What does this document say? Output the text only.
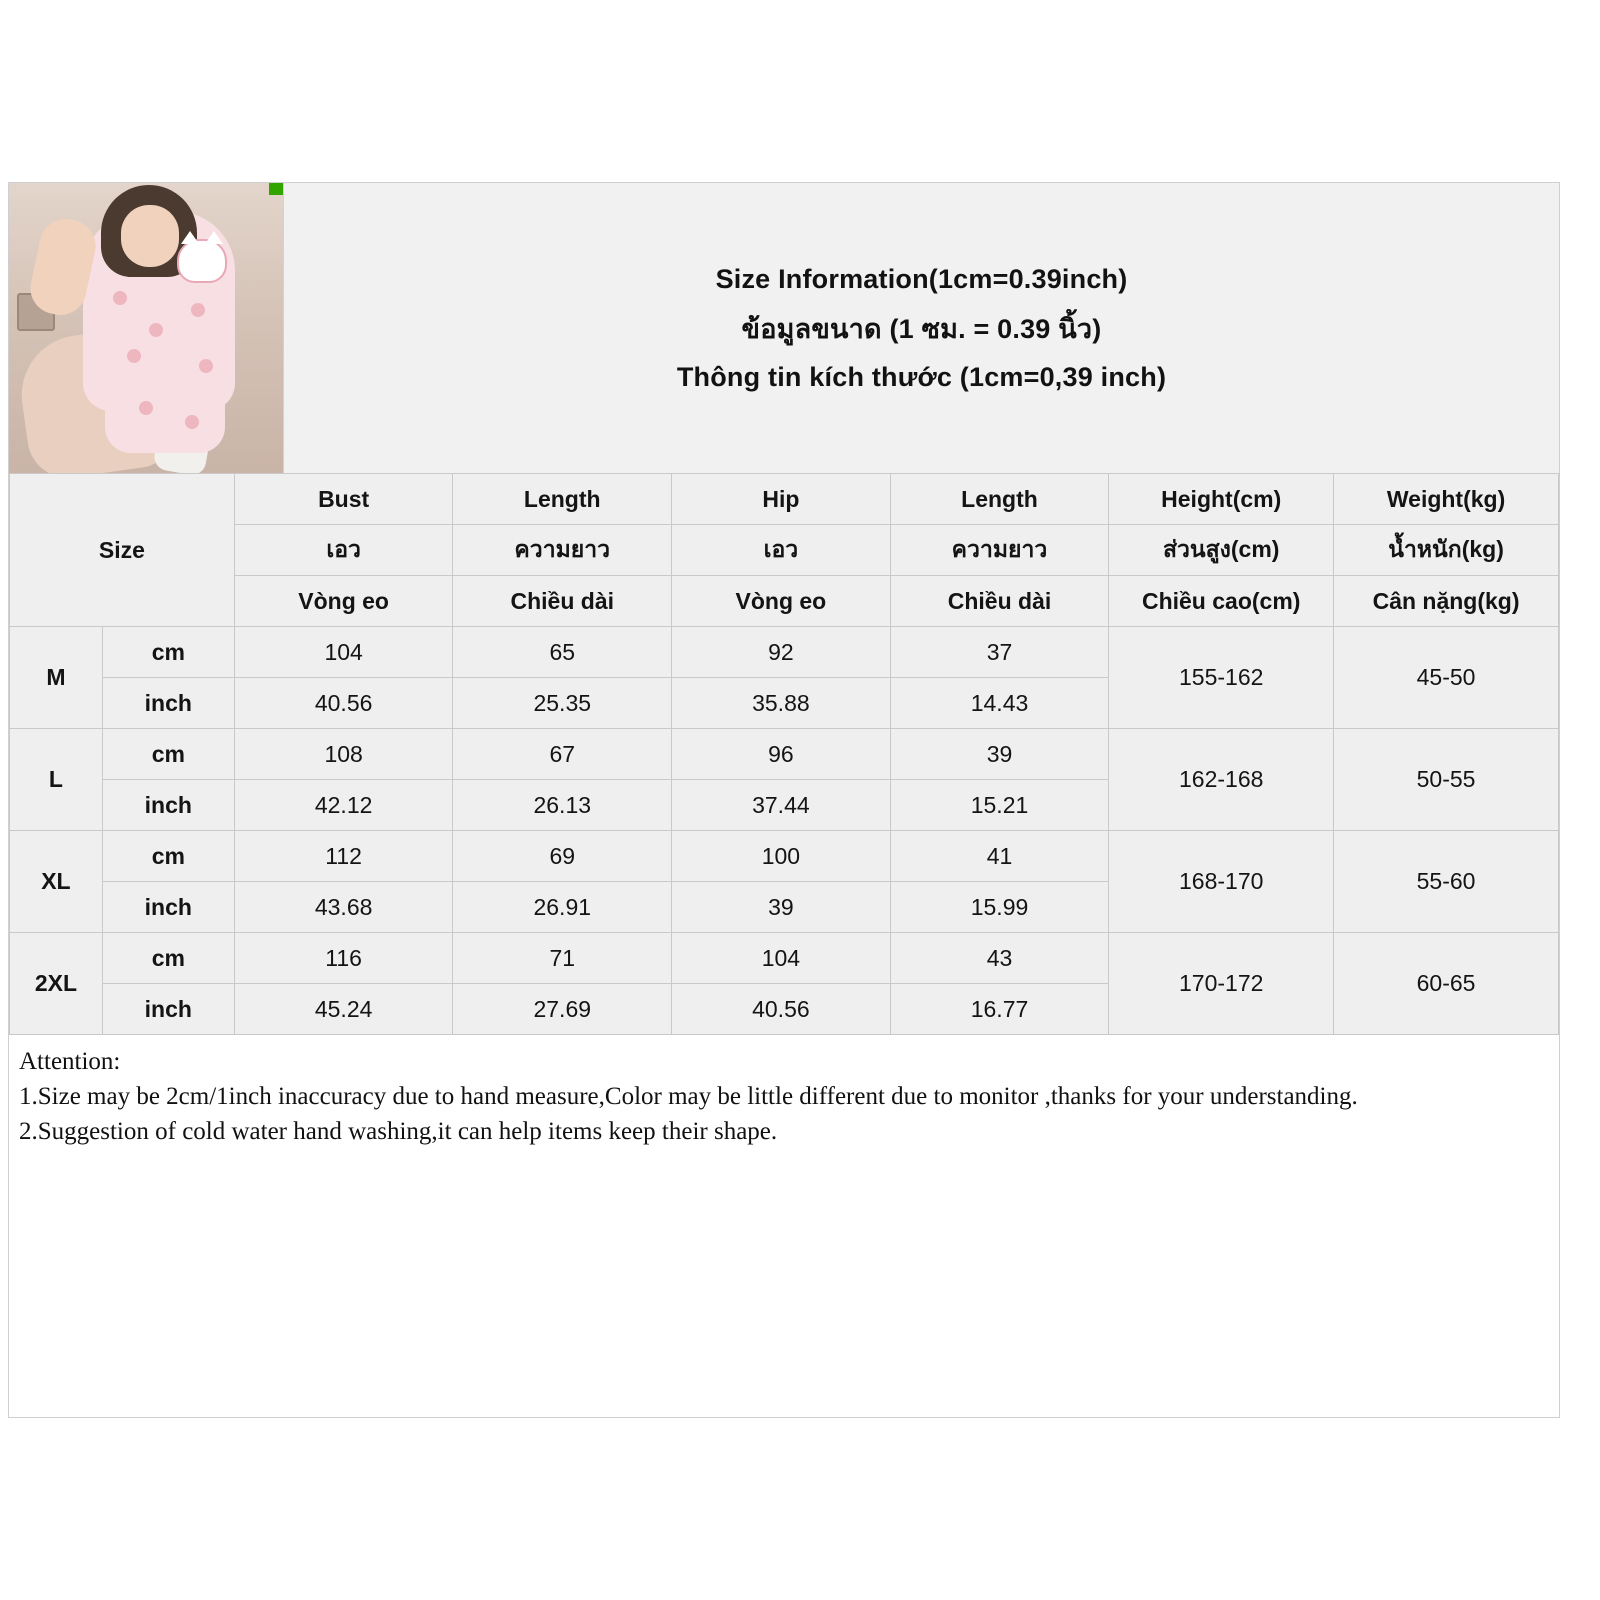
Size Information(1cm=0.39inch)
ข้อมูลขนาด (1 ซม. = 0.39 นิ้ว)
Thông tin kích thước (1cm=0,39 inch)
Size		Bust	Length	Hip	Length	Height(cm)	Weight(kg)
		เอว	ความยาว	เอว	ความยาว	ส่วนสูง(cm)	น้ำหนัก(kg)
		Vòng eo	Chiều dài	Vòng eo	Chiều dài	Chiều cao(cm)	Cân nặng(kg)
M	cm	104	65	92	37	155-162	45-50
	inch	40.56	25.35	35.88	14.43		
L	cm	108	67	96	39	162-168	50-55
	inch	42.12	26.13	37.44	15.21		
XL	cm	112	69	100	41	168-170	55-60
	inch	43.68	26.91	39	15.99		
2XL	cm	116	71	104	43	170-172	60-65
	inch	45.24	27.69	40.56	16.77		

Attention:

1.Size may be 2cm/1inch inaccuracy due to hand measure,Color may be little different due to monitor ,thanks for your understanding.

2.Suggestion of cold water hand washing,it can help items keep their shape.
